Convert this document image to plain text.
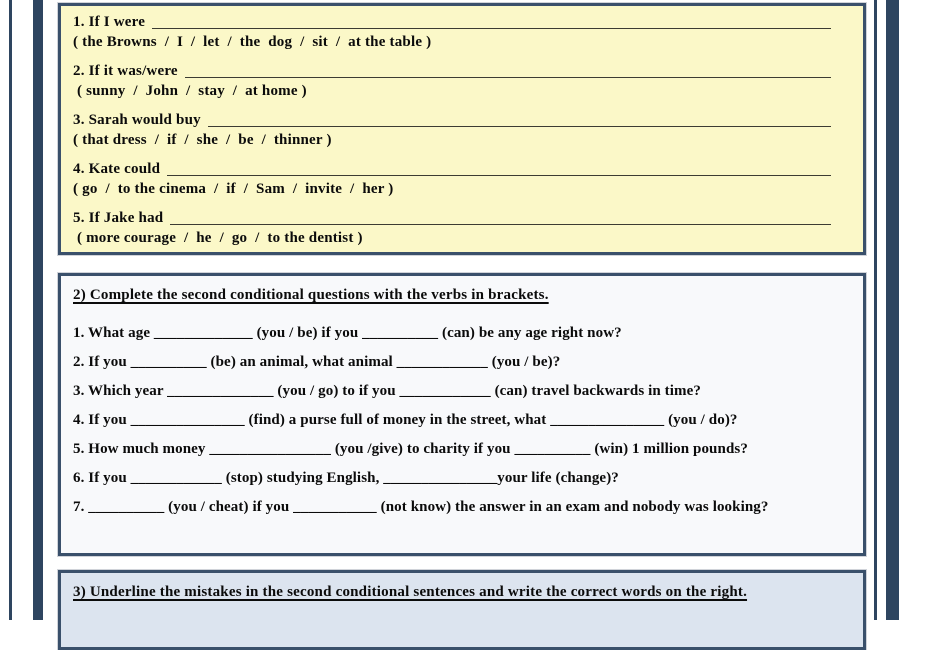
1. If I were
( the Browns  /  I  /  let  /  the  dog  /  sit  /  at the table )
2. If it was/were
( sunny  /  John  /  stay  /  at home )
3. Sarah would buy
( that dress  /  if  /  she  /  be  /  thinner )
4. Kate could
( go  /  to the cinema  /  if  /  Sam  /  invite  /  her )
5. If Jake had
( more courage  /  he  /  go  /  to the dentist )
2) Complete the second conditional questions with the verbs in brackets.
1. What age _____________ (you / be) if you __________ (can) be any age right now?
2. If you __________ (be) an animal, what animal ____________ (you / be)?
3. Which year ______________ (you / go) to if you ____________ (can) travel backwards in time?
4. If you _______________ (find) a purse full of money in the street, what _______________ (you / do)?
5. How much money ________________ (you /give) to charity if you __________ (win) 1 million pounds?
6. If you ____________ (stop) studying English, _______________your life (change)?
7. __________ (you / cheat) if you ___________ (not know) the answer in an exam and nobody was looking?
3) Underline the mistakes in the second conditional sentences and write the correct words on the right.
